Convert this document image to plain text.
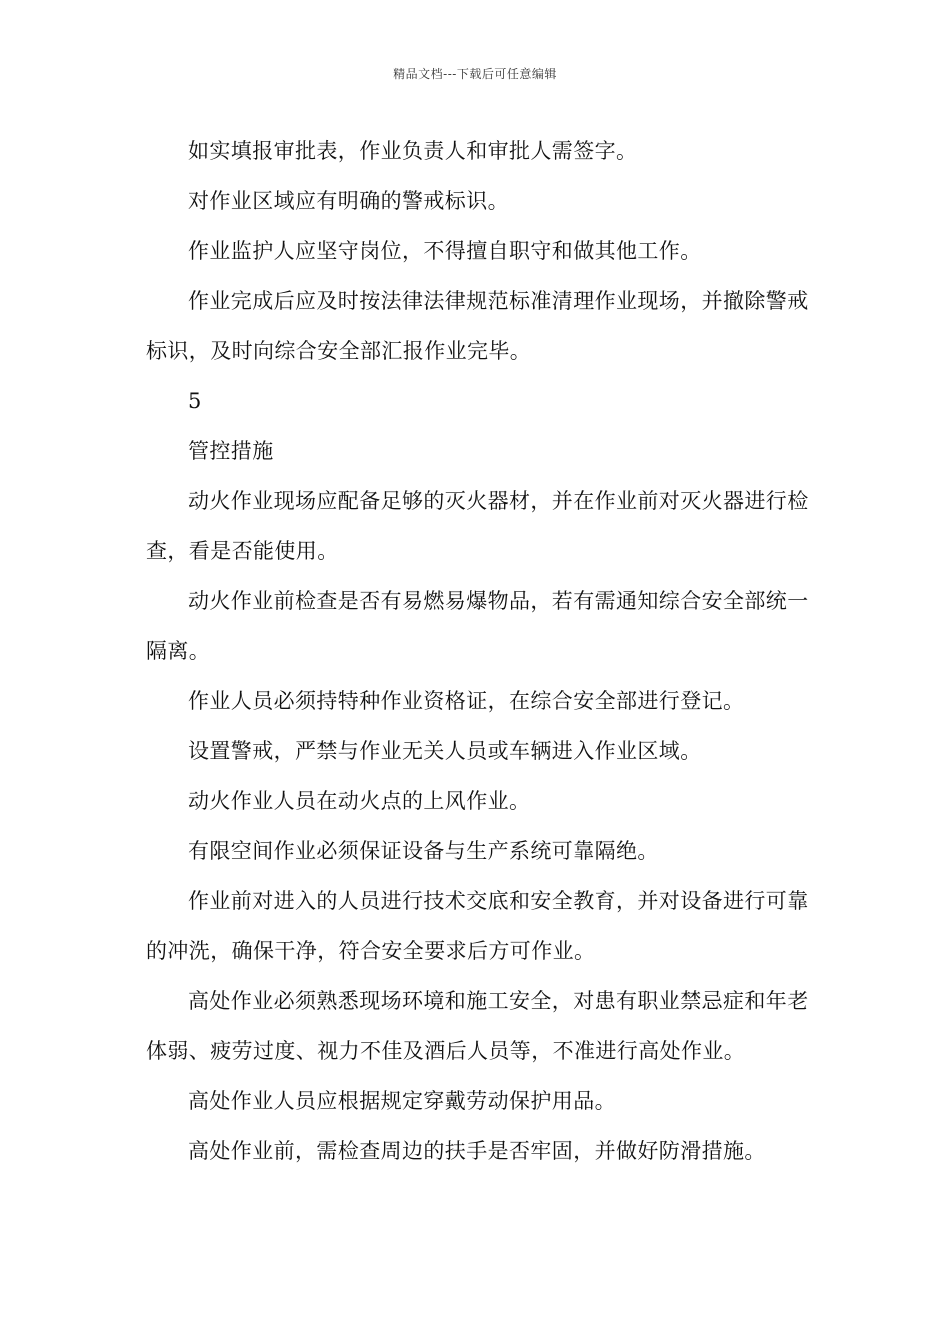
精品文档---下载后可任意编辑

如实填报审批表，作业负责人和审批人需签字。

对作业区域应有明确的警戒标识。

作业监护人应坚守岗位，不得擅自职守和做其他工作。

作业完成后应及时按法律法律规范标准清理作业现场，并撤除警戒标识，及时向综合安全部汇报作业完毕。

5

管控措施

动火作业现场应配备足够的灭火器材，并在作业前对灭火器进行检查，看是否能使用。

动火作业前检查是否有易燃易爆物品，若有需通知综合安全部统一隔离。

作业人员必须持特种作业资格证，在综合安全部进行登记。

设置警戒，严禁与作业无关人员或车辆进入作业区域。

动火作业人员在动火点的上风作业。

有限空间作业必须保证设备与生产系统可靠隔绝。

作业前对进入的人员进行技术交底和安全教育，并对设备进行可靠的冲洗，确保干净，符合安全要求后方可作业。

高处作业必须熟悉现场环境和施工安全，对患有职业禁忌症和年老体弱、疲劳过度、视力不佳及酒后人员等，不准进行高处作业。

高处作业人员应根据规定穿戴劳动保护用品。

高处作业前，需检查周边的扶手是否牢固，并做好防滑措施。
